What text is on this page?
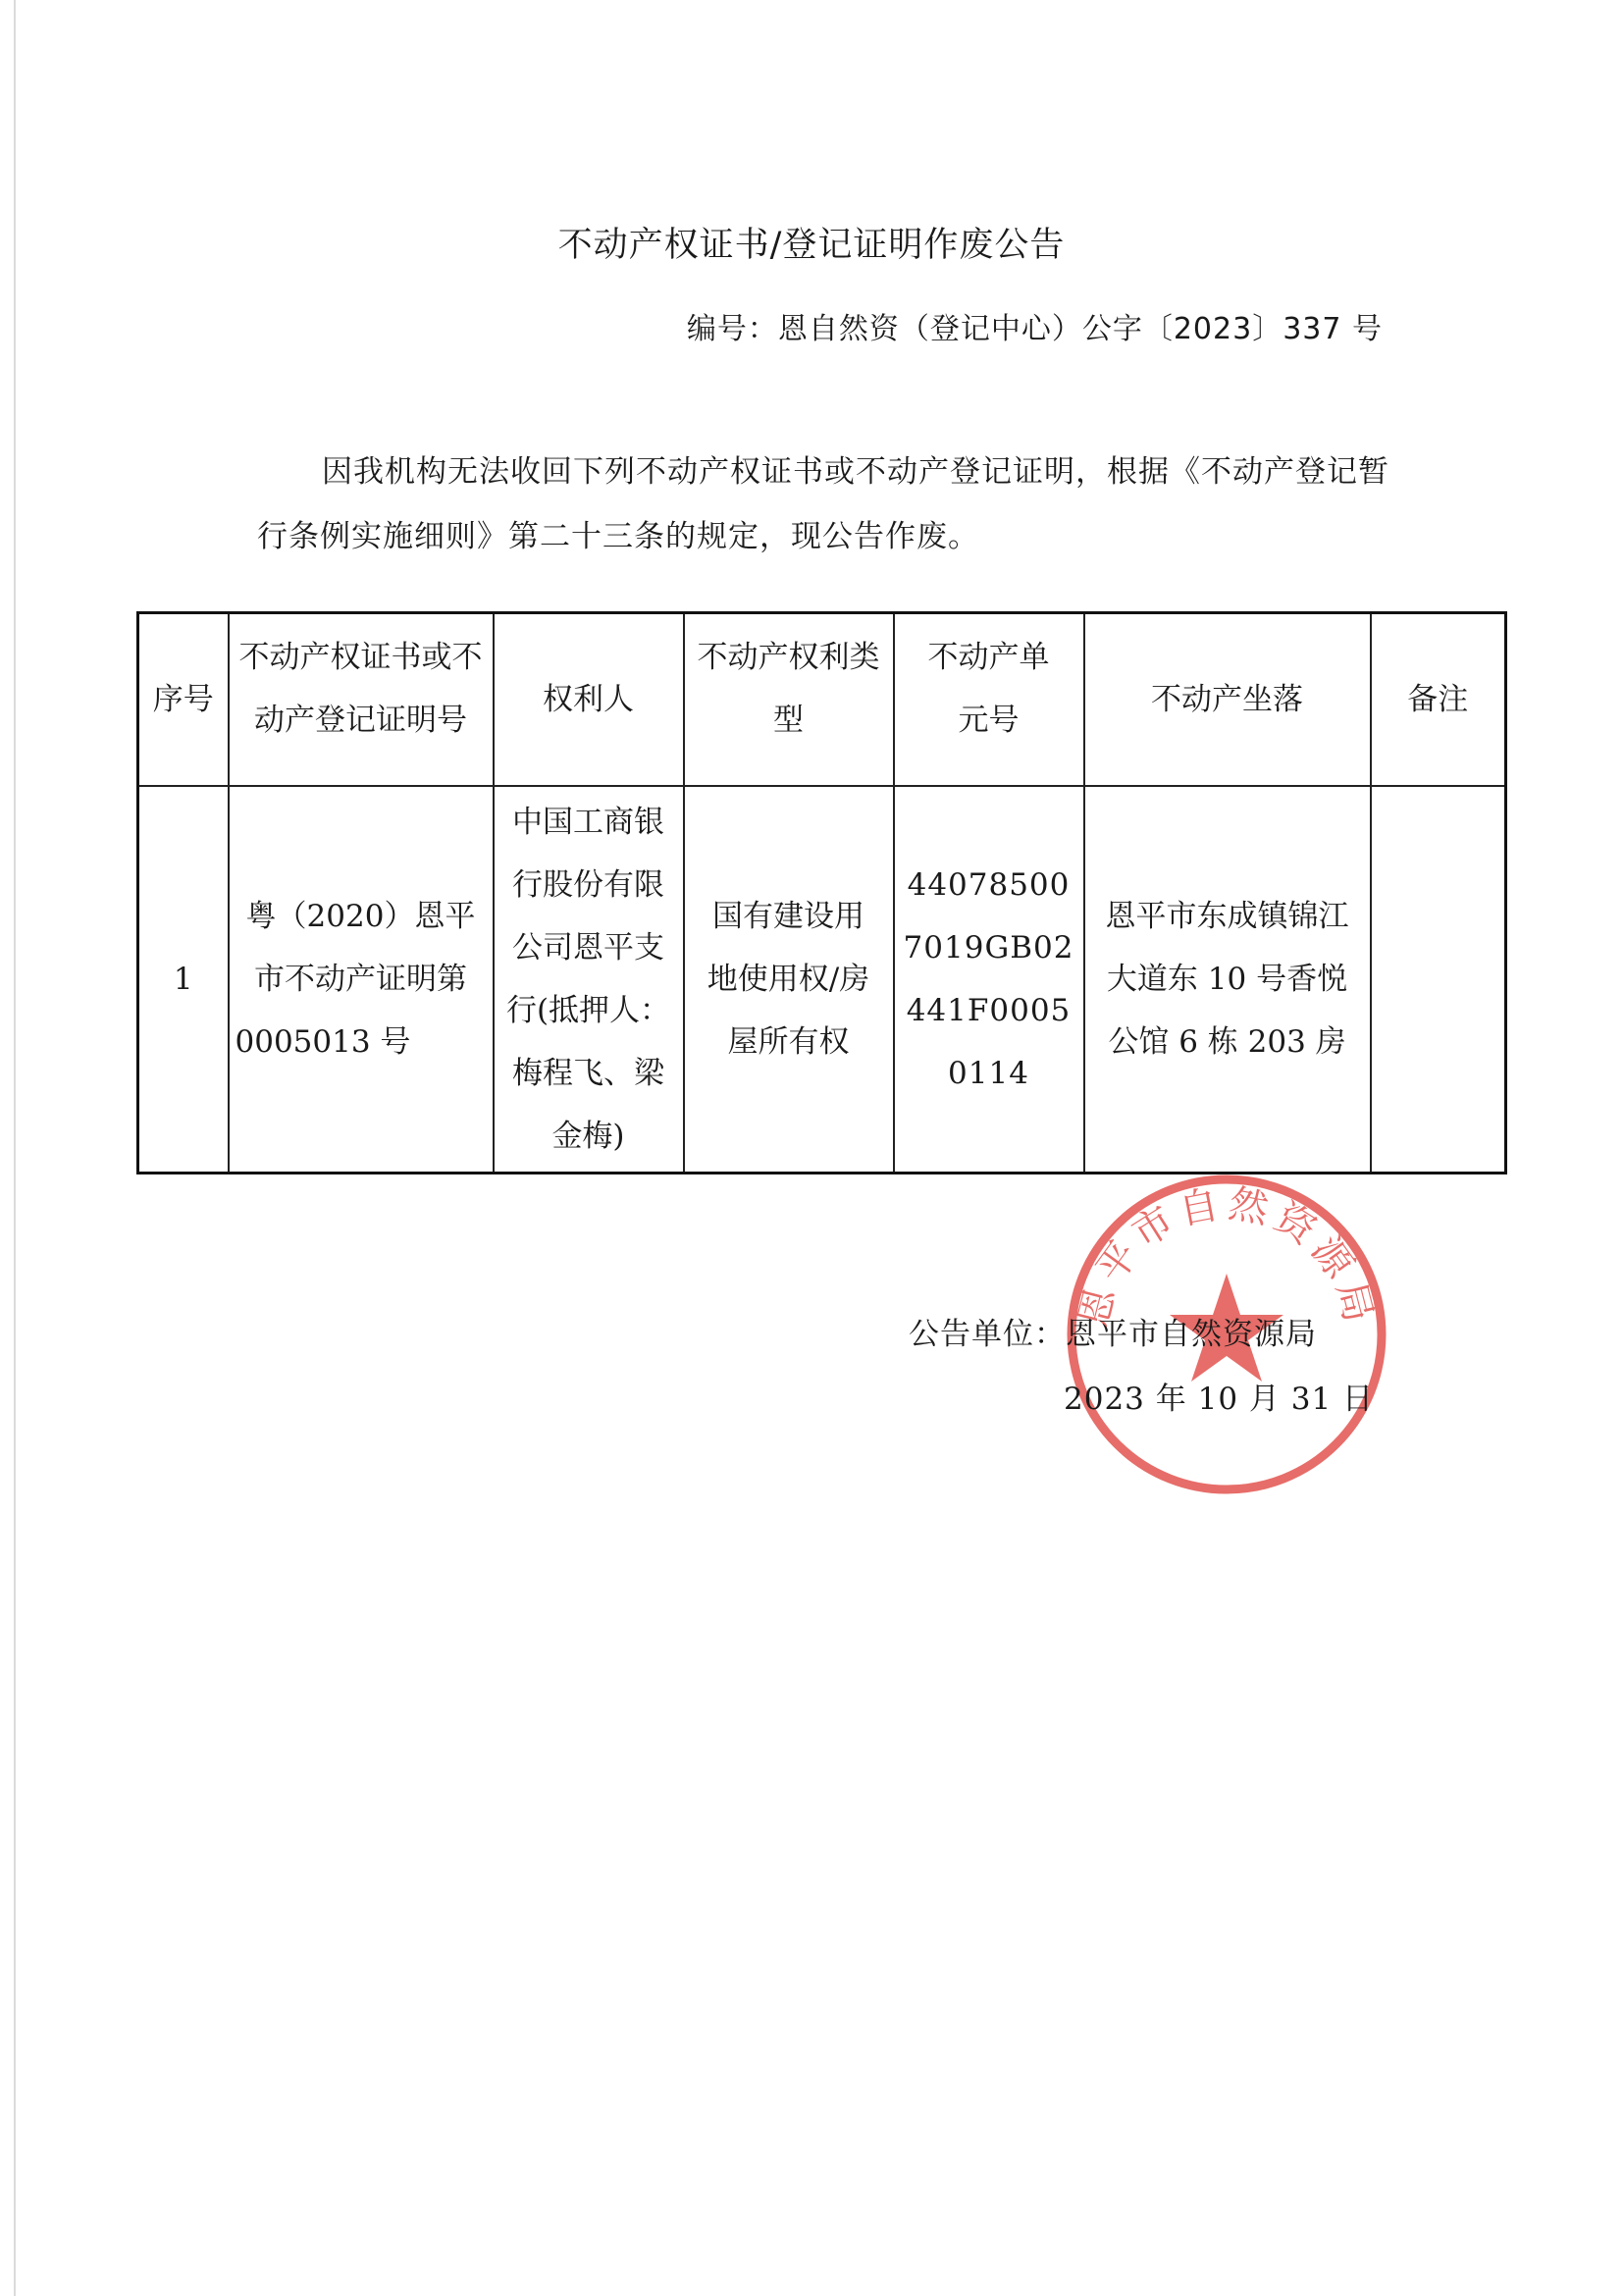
不动产权证书/登记证明作废公告
编号：恩自然资（登记中心）公字〔2023〕337 号
因我机构无法收回下列不动产权证书或不动产登记证明，根据《不动产登记暂行条例实施细则》第二十三条的规定，现公告作废。
序号	不动产权证书或不动产登记证明号	权利人	不动产权利类型	不动产单元号	不动产坐落	备注
1	粤（2020）恩平市不动产证明第0005013 号	中国工商银行股份有限公司恩平支行(抵押人：梅程飞、梁金梅)	国有建设用地使用权/房屋所有权	440785007019GB02441F00050114	恩平市东成镇锦江大道东 10 号香悦公馆 6 栋 203 房	
恩平市自然资源局
公告单位：恩平市自然资源局
2023 年 10 月 31 日
